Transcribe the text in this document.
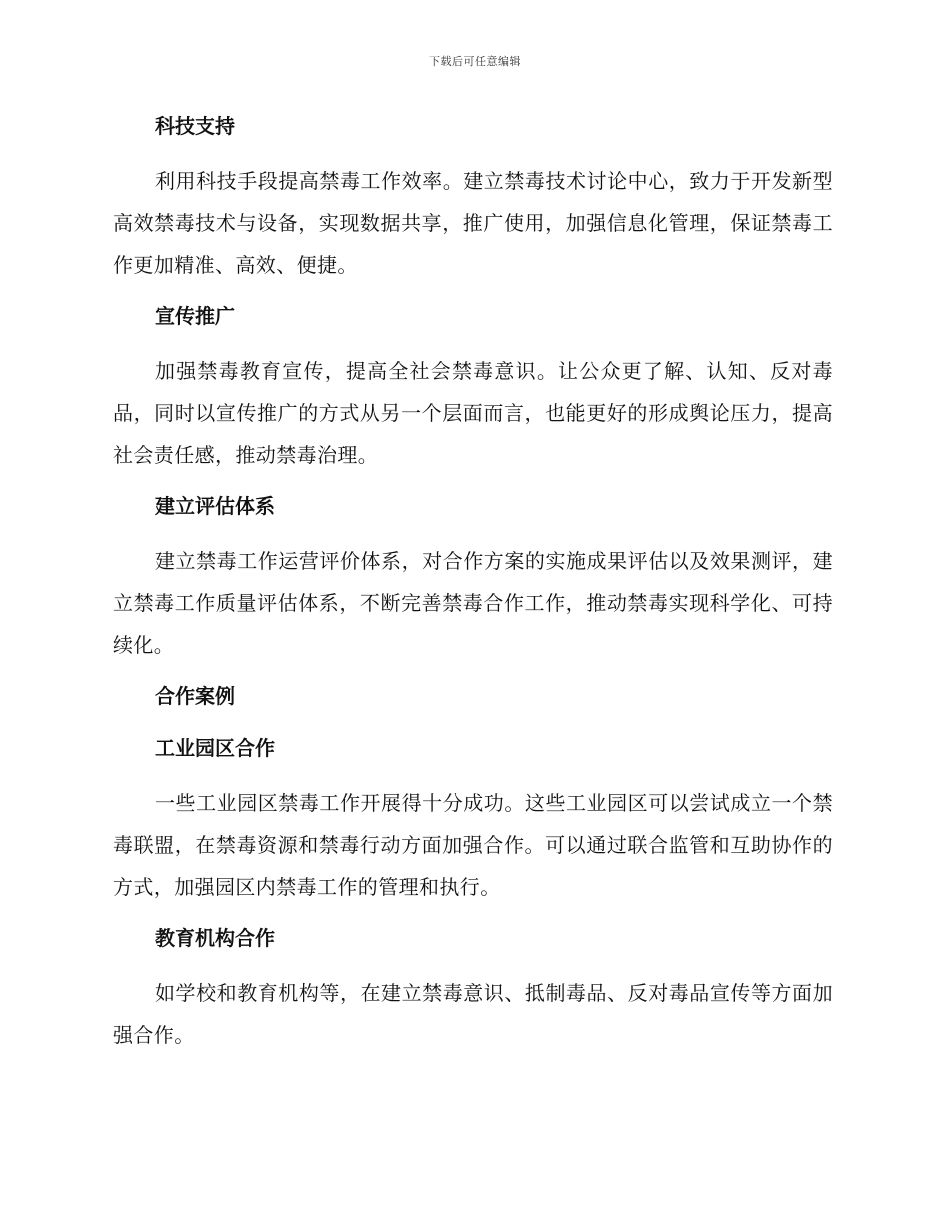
下载后可任意编辑
科技支持

利用科技手段提高禁毒工作效率。建立禁毒技术讨论中心，致力于开发新型高效禁毒技术与设备，实现数据共享，推广使用，加强信息化管理，保证禁毒工作更加精准、高效、便捷。

宣传推广

加强禁毒教育宣传，提高全社会禁毒意识。让公众更了解、认知、反对毒品，同时以宣传推广的方式从另一个层面而言，也能更好的形成舆论压力，提高社会责任感，推动禁毒治理。

建立评估体系

建立禁毒工作运营评价体系，对合作方案的实施成果评估以及效果测评，建立禁毒工作质量评估体系，不断完善禁毒合作工作，推动禁毒实现科学化、可持续化。

合作案例
工业园区合作

一些工业园区禁毒工作开展得十分成功。这些工业园区可以尝试成立一个禁毒联盟，在禁毒资源和禁毒行动方面加强合作。可以通过联合监管和互助协作的方式，加强园区内禁毒工作的管理和执行。

教育机构合作

如学校和教育机构等，在建立禁毒意识、抵制毒品、反对毒品宣传等方面加强合作。
